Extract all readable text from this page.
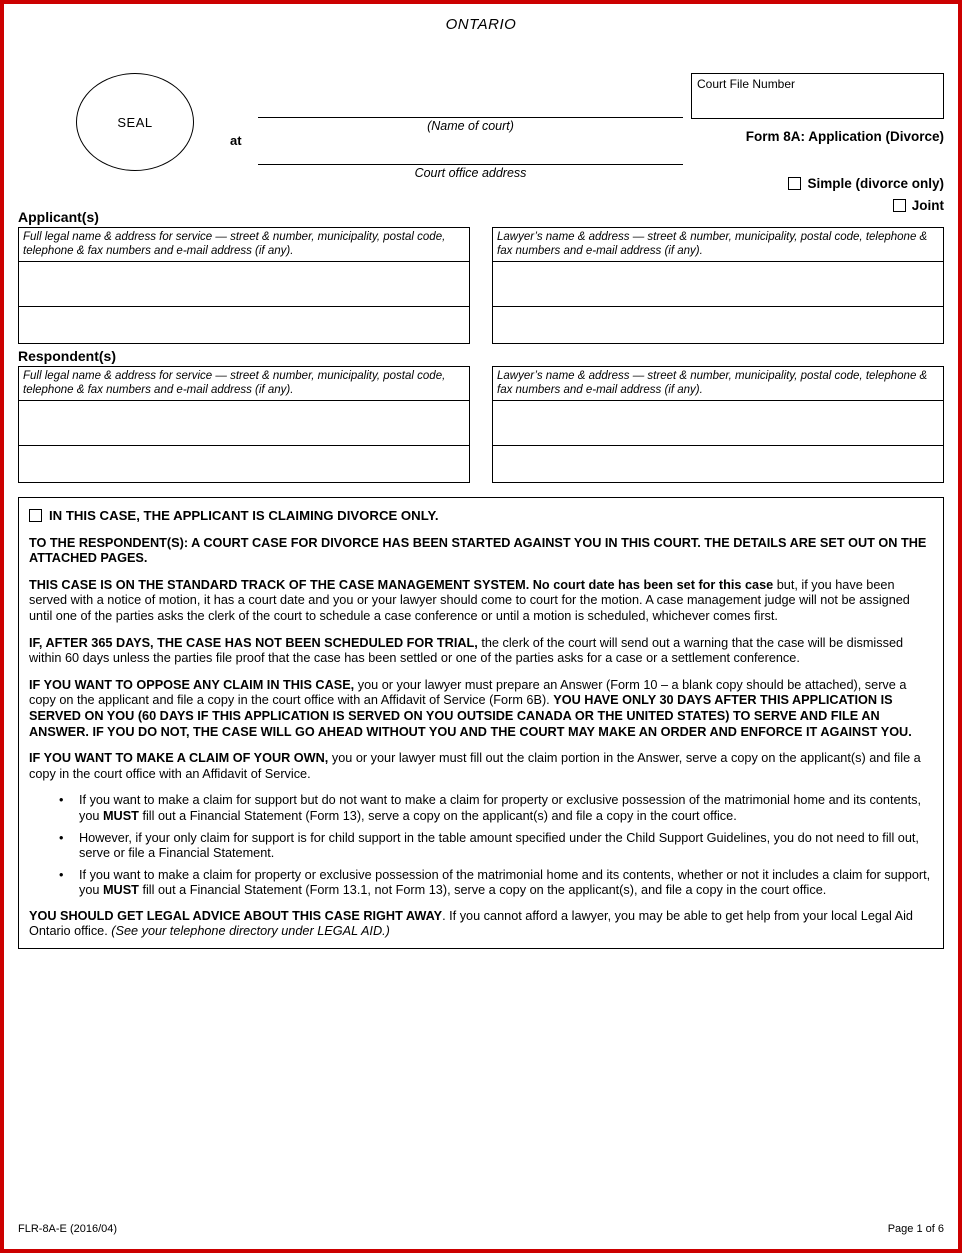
ONTARIO
SEAL
at
(Name of court)
Court office address
Court File Number
Form 8A: Application (Divorce)
Simple (divorce only)
Joint
Applicant(s)
Full legal name & address for service — street & number, municipality, postal code, telephone & fax numbers and e-mail address (if any).
Lawyer’s name & address — street & number, municipality, postal code, telephone & fax numbers and e-mail address (if any).
Respondent(s)
Full legal name & address for service — street & number, municipality, postal code, telephone & fax numbers and e-mail address (if any).
Lawyer’s name & address — street & number, municipality, postal code, telephone & fax numbers and e-mail address (if any).
IN THIS CASE, THE APPLICANT IS CLAIMING DIVORCE ONLY.

TO THE RESPONDENT(S): A COURT CASE FOR DIVORCE HAS BEEN STARTED AGAINST YOU IN THIS COURT. THE DETAILS ARE SET OUT ON THE ATTACHED PAGES.

THIS CASE IS ON THE STANDARD TRACK OF THE CASE MANAGEMENT SYSTEM. No court date has been set for this case but, if you have been served with a notice of motion, it has a court date and you or your lawyer should come to court for the motion. A case management judge will not be assigned until one of the parties asks the clerk of the court to schedule a case conference or until a motion is scheduled, whichever comes first.

IF, AFTER 365 DAYS, THE CASE HAS NOT BEEN SCHEDULED FOR TRIAL, the clerk of the court will send out a warning that the case will be dismissed within 60 days unless the parties file proof that the case has been settled or one of the parties asks for a case or a settlement conference.

IF YOU WANT TO OPPOSE ANY CLAIM IN THIS CASE, you or your lawyer must prepare an Answer (Form 10 – a blank copy should be attached), serve a copy on the applicant and file a copy in the court office with an Affidavit of Service (Form 6B). YOU HAVE ONLY 30 DAYS AFTER THIS APPLICATION IS SERVED ON YOU (60 DAYS IF THIS APPLICATION IS SERVED ON YOU OUTSIDE CANADA OR THE UNITED STATES) TO SERVE AND FILE AN ANSWER. IF YOU DO NOT, THE CASE WILL GO AHEAD WITHOUT YOU AND THE COURT MAY MAKE AN ORDER AND ENFORCE IT AGAINST YOU.

IF YOU WANT TO MAKE A CLAIM OF YOUR OWN, you or your lawyer must fill out the claim portion in the Answer, serve a copy on the applicant(s) and file a copy in the court office with an Affidavit of Service.

• If you want to make a claim for support but do not want to make a claim for property or exclusive possession of the matrimonial home and its contents, you MUST fill out a Financial Statement (Form 13), serve a copy on the applicant(s) and file a copy in the court office.
• However, if your only claim for support is for child support in the table amount specified under the Child Support Guidelines, you do not need to fill out, serve or file a Financial Statement.
• If you want to make a claim for property or exclusive possession of the matrimonial home and its contents, whether or not it includes a claim for support, you MUST fill out a Financial Statement (Form 13.1, not Form 13), serve a copy on the applicant(s), and file a copy in the court office.

YOU SHOULD GET LEGAL ADVICE ABOUT THIS CASE RIGHT AWAY. If you cannot afford a lawyer, you may be able to get help from your local Legal Aid Ontario office. (See your telephone directory under LEGAL AID.)

FLR-8A-E (2016/04)	Page 1 of 6
